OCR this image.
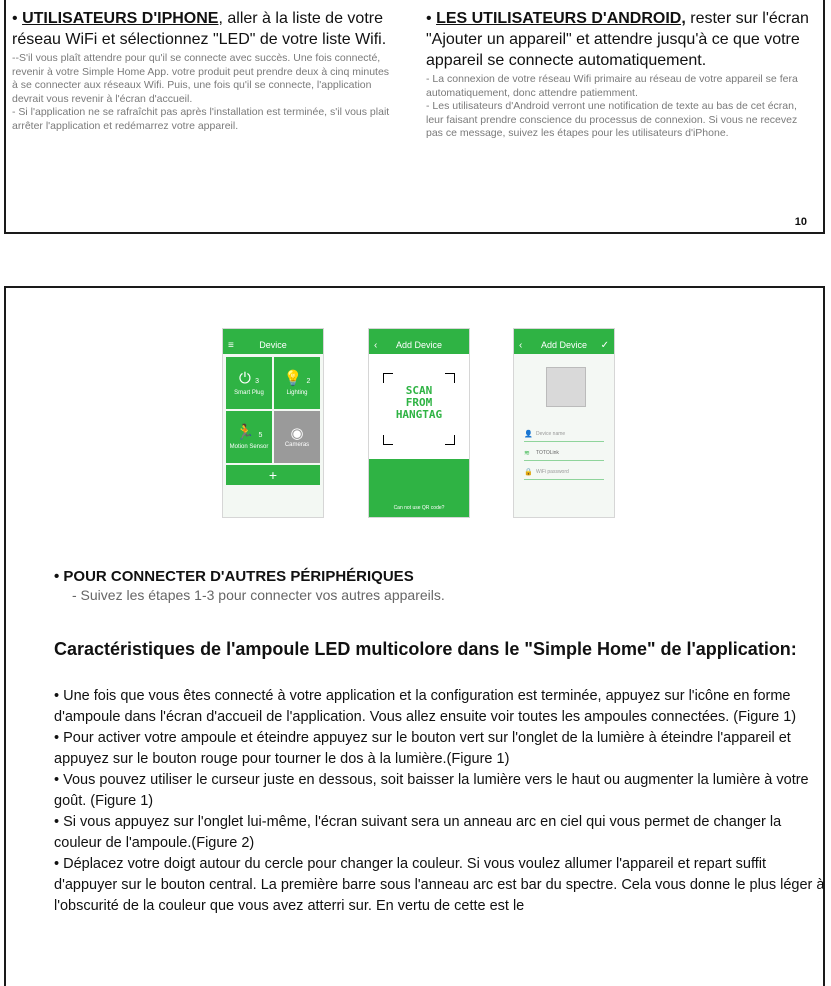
• UTILISATEURS D'IPHONE, aller à la liste de votre réseau WiFi et sélectionnez "LED" de votre liste Wifi.

--S'il vous plaît attendre pour qu'il se connecte avec succès. Une fois connecté, revenir à votre Simple Home App. votre produit peut prendre deux à cinq minutes à se connecter aux réseaux Wifi. Puis, une fois qu'il se connecte, l'application devrait vous revenir à l'écran d'accueil.
- Si l'application ne se rafraîchit pas après l'installation est terminée, s'il vous plait arrêter l'application et redémarrez votre appareil.

• LES UTILISATEURS D'ANDROID, rester sur l'écran "Ajouter un appareil" et attendre jusqu'à ce que votre appareil se connecte automatiquement.

- La connexion de votre réseau Wifi primaire au réseau de votre appareil se fera automatiquement, donc attendre patiemment.
- Les utilisateurs d'Android verront une notification de texte au bas de cet écran, leur faisant prendre conscience du processus de connexion. Si vous ne recevez pas ce message, suivez les étapes pour les utilisateurs d'iPhone.

10
≡	Device
⏻ 3
Smart Plug
💡 2
Lighting
🏃 5
Motion Sensor
◉
Cameras
+
‹ Add Device
SCAN
FROM
HANGTAG
Can not use QR code?
‹ Add Device ✓
👤 Device name
≋	TOTOLink
🔒 WiFi password

• POUR CONNECTER D'AUTRES PÉRIPHÉRIQUES

- Suivez les étapes 1-3 pour connecter vos autres appareils.

Caractéristiques de l'ampoule LED multicolore dans le "Simple Home" de l'application:

• Une fois que vous êtes connecté à votre application et la configuration est terminée, appuyez sur l'icône en forme d'ampoule dans l'écran d'accueil de l'application. Vous allez ensuite voir toutes les ampoules connectées. (Figure 1)

• Pour activer votre ampoule et éteindre appuyez sur le bouton vert sur l'onglet de la lumière à éteindre l'appareil et appuyez sur le bouton rouge pour tourner le dos à la lumière.(Figure 1)

• Vous pouvez utiliser le curseur juste en dessous, soit baisser la lumière vers le haut ou augmenter la lumière à votre goût. (Figure 1)

• Si vous appuyez sur l'onglet lui-même, l'écran suivant sera un anneau arc en ciel qui vous permet de changer la couleur de l'ampoule.(Figure 2)

• Déplacez votre doigt autour du cercle pour changer la couleur. Si vous voulez allumer l'appareil et repart suffit d'appuyer sur le bouton central. La première barre sous l'anneau arc est bar du spectre. Cela vous donne le plus léger à l'obscurité de la couleur que vous avez atterri sur. En vertu de cette est le
